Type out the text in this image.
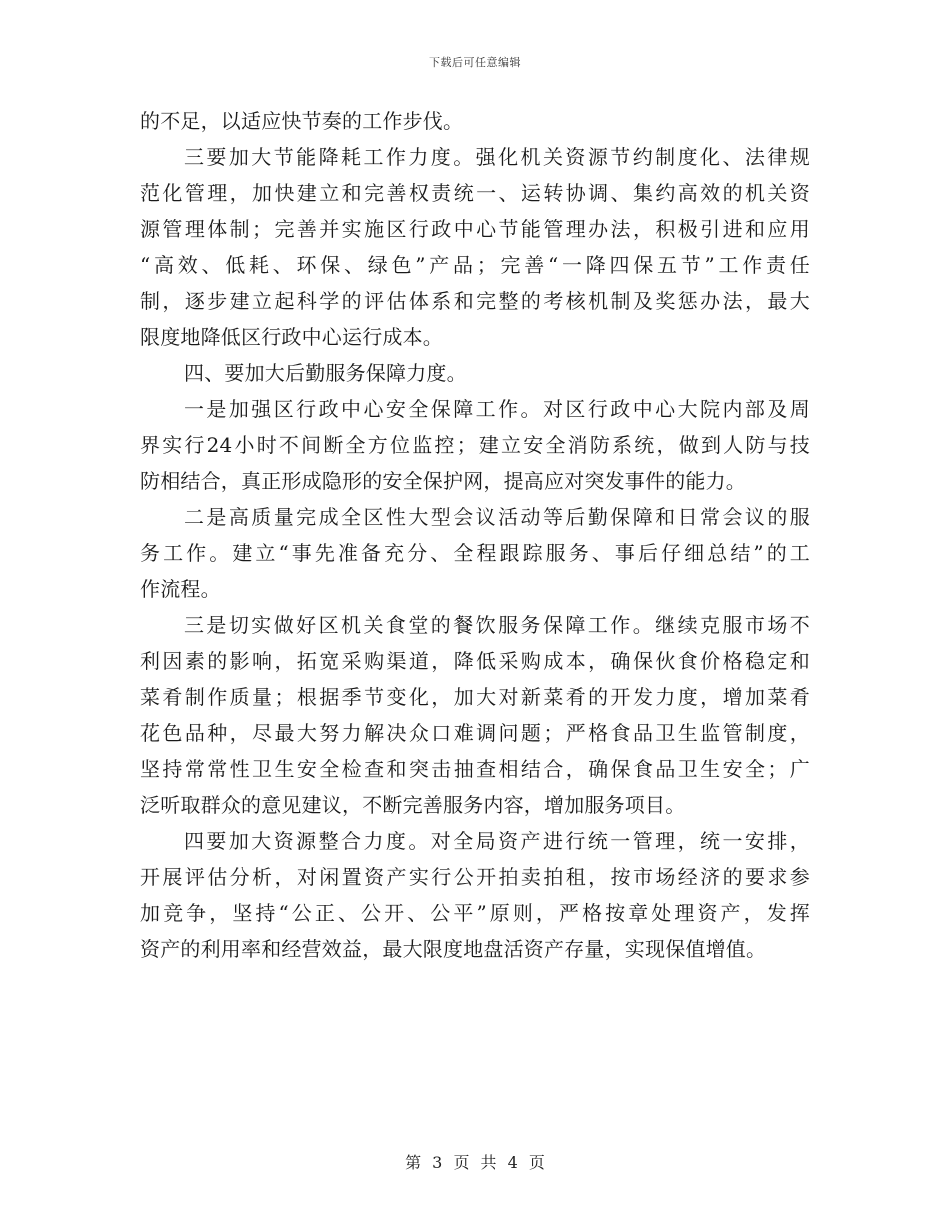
下载后可任意编辑
的不足，以适应快节奏的工作步伐。
三要加大节能降耗工作力度。强化机关资源节约制度化、法律规
范化管理，加快建立和完善权责统一、运转协调、集约高效的机关资
源管理体制；完善并实施区行政中心节能管理办法，积极引进和应用
“高效、低耗、环保、绿色”产品；完善“一降四保五节”工作责任
制，逐步建立起科学的评估体系和完整的考核机制及奖惩办法，最大
限度地降低区行政中心运行成本。
四、要加大后勤服务保障力度。
一是加强区行政中心安全保障工作。对区行政中心大院内部及周
界实行24小时不间断全方位监控；建立安全消防系统，做到人防与技
防相结合，真正形成隐形的安全保护网，提高应对突发事件的能力。
二是高质量完成全区性大型会议活动等后勤保障和日常会议的服
务工作。建立“事先准备充分、全程跟踪服务、事后仔细总结”的工
作流程。
三是切实做好区机关食堂的餐饮服务保障工作。继续克服市场不
利因素的影响，拓宽采购渠道，降低采购成本，确保伙食价格稳定和
菜肴制作质量；根据季节变化，加大对新菜肴的开发力度，增加菜肴
花色品种，尽最大努力解决众口难调问题；严格食品卫生监管制度，
坚持常常性卫生安全检查和突击抽查相结合，确保食品卫生安全；广
泛听取群众的意见建议，不断完善服务内容，增加服务项目。
四要加大资源整合力度。对全局资产进行统一管理，统一安排，
开展评估分析，对闲置资产实行公开拍卖拍租，按市场经济的要求参
加竞争，坚持“公正、公开、公平”原则，严格按章处理资产，发挥
资产的利用率和经营效益，最大限度地盘活资产存量，实现保值增值。
第 3 页 共 4 页
